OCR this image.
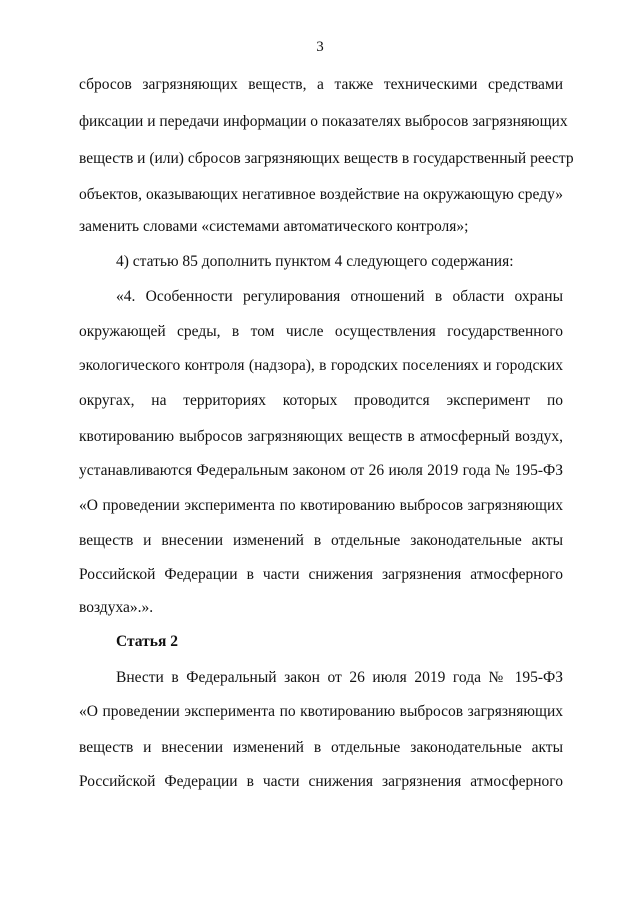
3
сбросов загрязняющих веществ, а также техническими средствами
фиксации и передачи информации о показателях выбросов загрязняющих
веществ и (или) сбросов загрязняющих веществ в государственный реестр
объектов, оказывающих негативное воздействие на окружающую среду»
заменить словами «системами автоматического контроля»;
4) статью 85 дополнить пунктом 4 следующего содержания:
«4. Особенности регулирования отношений в области охраны
окружающей среды, в том числе осуществления государственного
экологического контроля (надзора), в городских поселениях и городских
округах, на территориях которых проводится эксперимент по
квотированию выбросов загрязняющих веществ в атмосферный воздух,
устанавливаются Федеральным законом от 26 июля 2019 года № 195-ФЗ
«О проведении эксперимента по квотированию выбросов загрязняющих
веществ и внесении изменений в отдельные законодательные акты
Российской Федерации в части снижения загрязнения атмосферного
воздуха».».
Статья 2
Внести в Федеральный закон от 26 июля 2019 года № 195-ФЗ
«О проведении эксперимента по квотированию выбросов загрязняющих
веществ и внесении изменений в отдельные законодательные акты
Российской Федерации в части снижения загрязнения атмосферного
